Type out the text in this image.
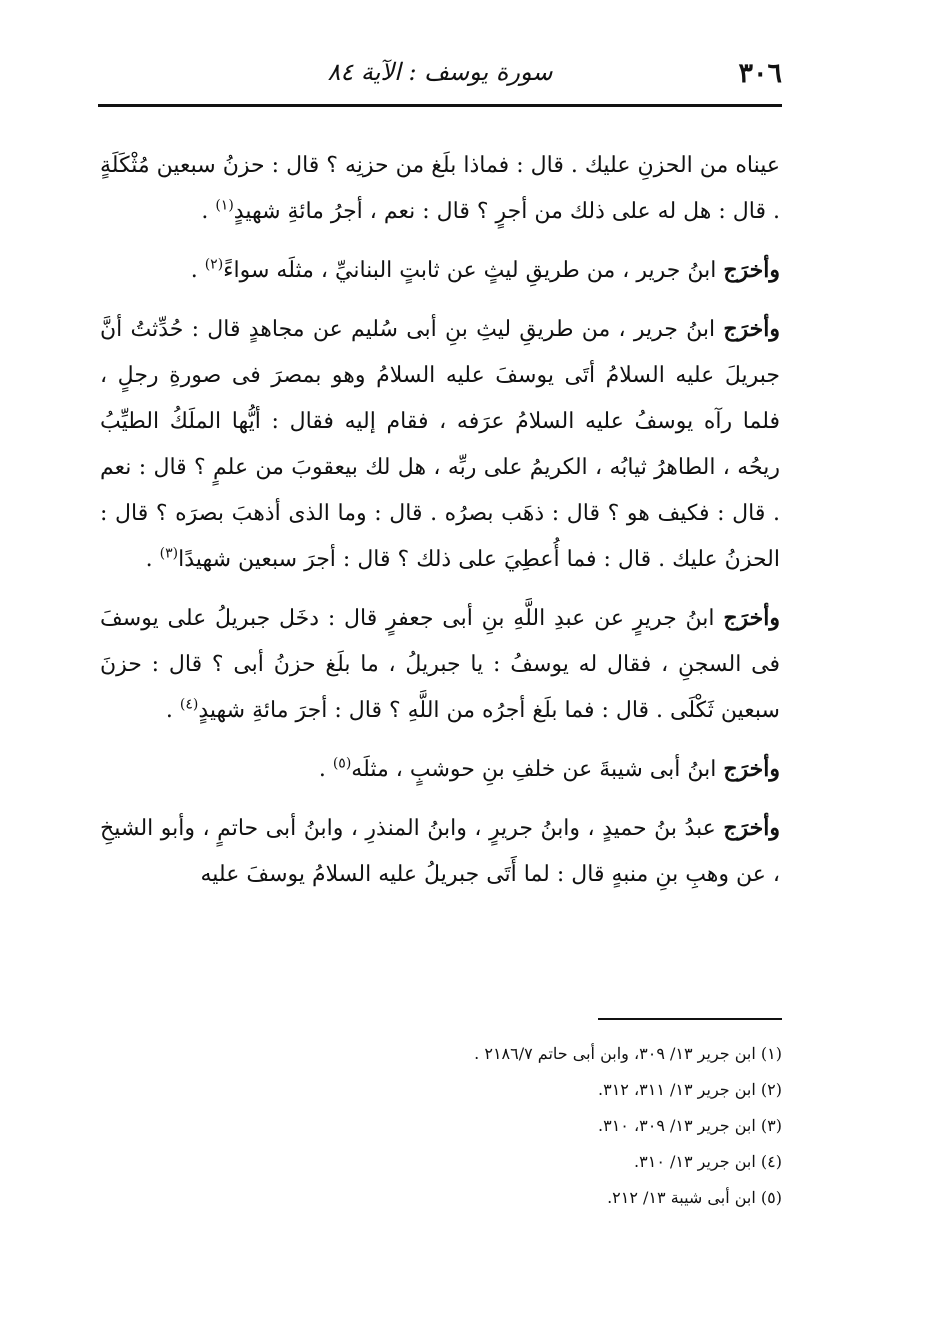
٣٠٦
سورة يوسف : الآية ٨٤

عيناه من الحزنِ عليك . قال : فماذا بلَغ من حزنِه ؟ قال : حزنُ سبعين مُثْكَلَةٍ . قال : هل له على ذلك من أجرٍ ؟ قال : نعم ، أجرُ مائةِ شهيدٍ$^{(١)}$ .

وأخرَج ابنُ جرير ، من طريقِ ليثٍ عن ثابتٍ البنانيِّ ، مثلَه سواءً$^{(٢)}$ .

وأخرَج ابنُ جرير ، من طريقِ ليثِ بنِ أبى سُليم عن مجاهدٍ قال : حُدِّثتُ أنَّ جبريلَ عليه السلامُ أتَى يوسفَ عليه السلامُ وهو بمصرَ فى صورةِ رجلٍ ، فلما رآه يوسفُ عليه السلامُ عرَفه ، فقام إليه فقال : أيُّها الملَكُ الطيِّبُ ريحُه ، الطاهرُ ثيابُه ، الكريمُ على ربِّه ، هل لك بيعقوبَ من علمٍ ؟ قال : نعم . قال : فكيف هو ؟ قال : ذهَب بصرُه . قال : وما الذى أذهبَ بصرَه ؟ قال : الحزنُ عليك . قال : فما أُعطِيَ على ذلك ؟ قال : أجرَ سبعين شهيدًا$^{(٣)}$ .

وأخرَج ابنُ جريرٍ عن عبدِ اللَّهِ بنِ أبى جعفرٍ قال : دخَل جبريلُ على يوسفَ فى السجنِ ، فقال له يوسفُ : يا جبريلُ ، ما بلَغ حزنُ أبى ؟ قال : حزنَ سبعين ثَكْلَى . قال : فما بلَغ أجرُه من اللَّهِ ؟ قال : أجرَ مائةِ شهيدٍ$^{(٤)}$ .

وأخرَج ابنُ أبى شيبةَ عن خلفِ بنِ حوشبٍ ، مثلَه$^{(٥)}$ .

وأخرَج عبدُ بنُ حميدٍ ، وابنُ جريرٍ ، وابنُ المنذرِ ، وابنُ أبى حاتمٍ ، وأبو الشيخِ ، عن وهبِ بنِ منبهٍ قال : لما أَتَى جبريلُ عليه السلامُ يوسفَ عليه

(١) ابن جرير ١٣/ ٣٠٩، وابن أبى حاتم ٢١٨٦/٧ .

(٢) ابن جرير ١٣/ ٣١١، ٣١٢.

(٣) ابن جرير ١٣/ ٣٠٩، ٣١٠.

(٤) ابن جرير ١٣/ ٣١٠.

(٥) ابن أبى شيبة ١٣/ ٢١٢.
